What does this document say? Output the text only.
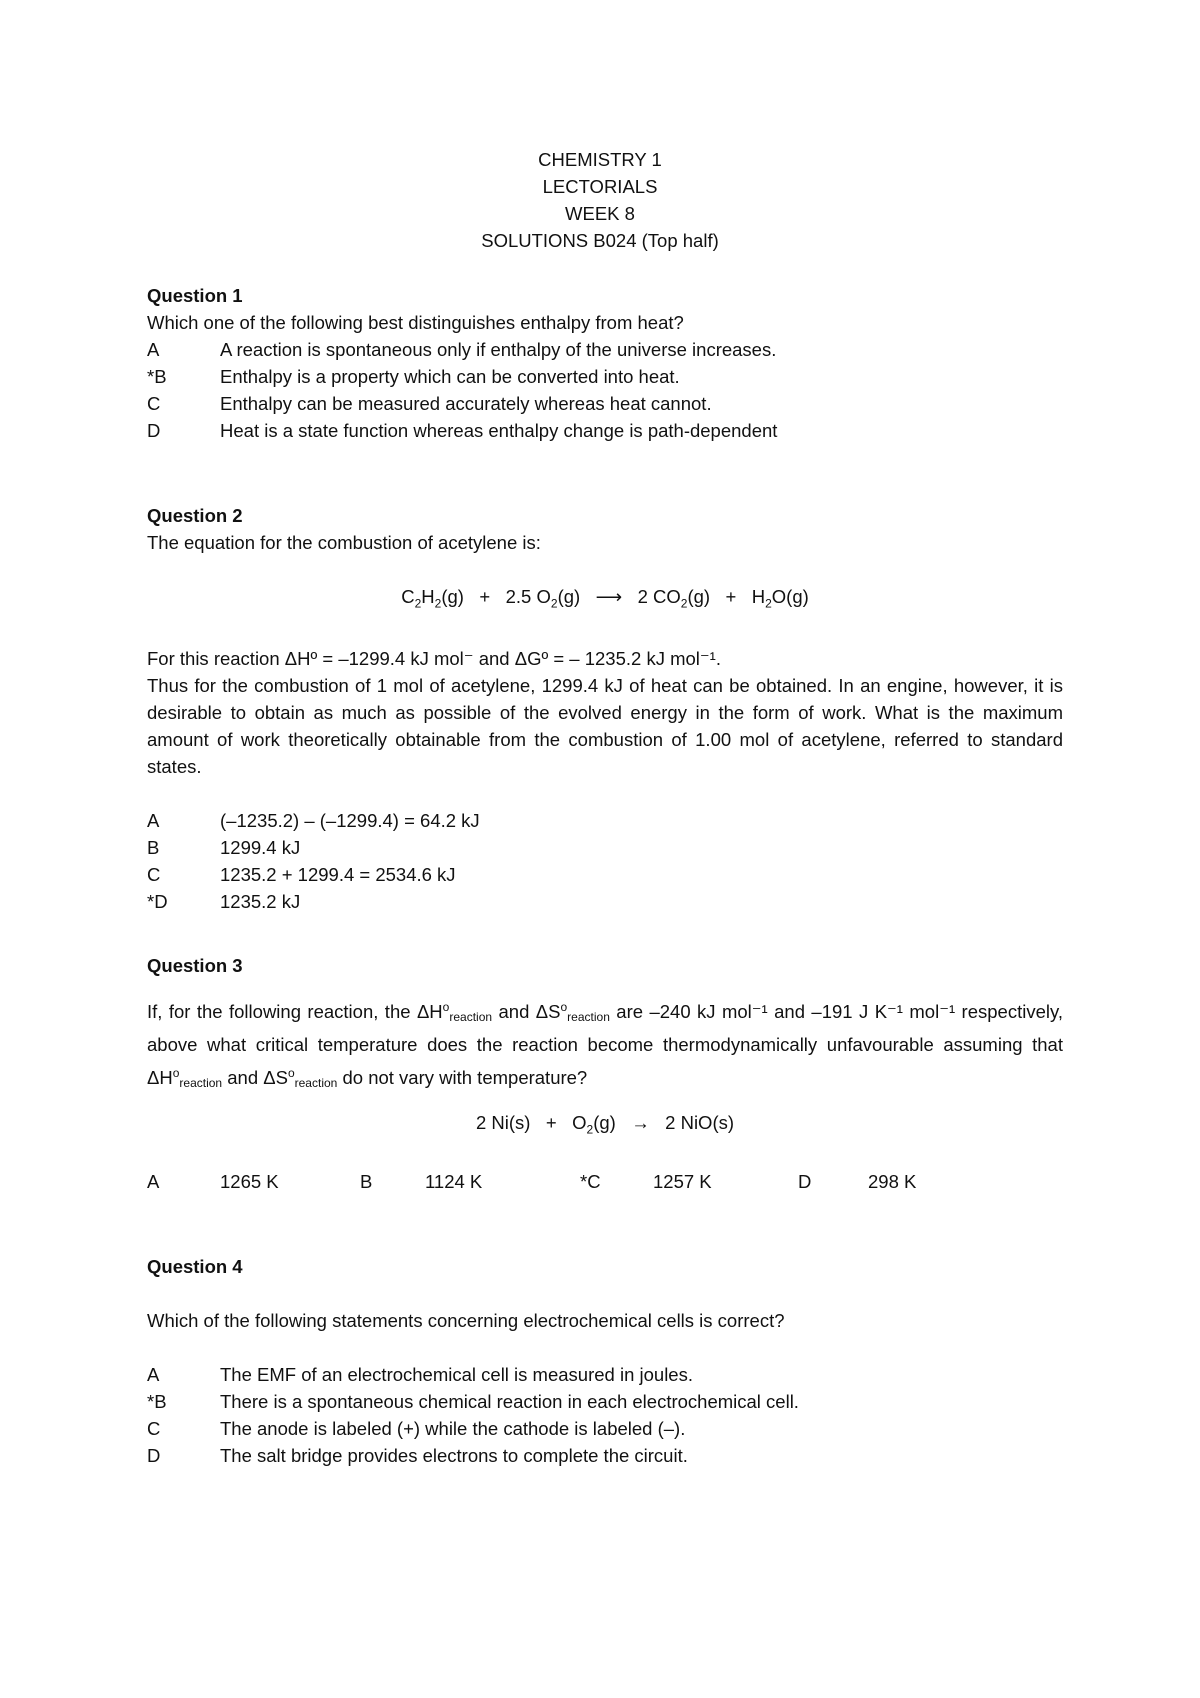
CHEMISTRY 1
LECTORIALS
WEEK 8
SOLUTIONS B024 (Top half)
Question 1
Which one of the following best distinguishes enthalpy from heat?
A	A reaction is spontaneous only if enthalpy of the universe increases.
*B	Enthalpy is a property which can be converted into heat.
C	Enthalpy can be measured accurately whereas heat cannot.
D	Heat is a state function whereas enthalpy change is path-dependent
Question 2
The equation for the combustion of acetylene is:
$C_2H_2(g) + 2.5$ $O_2(g)$ ⟶ 2 $CO_2(g) + H_2O(g)$
For this reaction ΔHº = –1299.4 kJ mol⁻ and ΔGº = – 1235.2 kJ mol⁻¹.
Thus for the combustion of 1 mol of acetylene, 1299.4 kJ of heat can be obtained. In an engine, however, it is desirable to obtain as much as possible of the evolved energy in the form of work. What is the maximum amount of work theoretically obtainable from the combustion of 1.00 mol of acetylene, referred to standard states.
A	(–1235.2) – (–1299.4) = 64.2 kJ
B	1299.4 kJ
C	1235.2 + 1299.4 = 2534.6 kJ
*D	1235.2 kJ
Question 3
If, for the following reaction, the $\Delta H^oreaction$ and $\Delta S^oreaction$ are –240 kJ mol⁻¹ and –191 J K⁻¹ mol⁻¹ respectively, above what critical temperature does the reaction become thermodynamically unfavourable assuming that $\Delta H^oreaction$ and $\Delta S^oreaction$ do not vary with temperature?
2 $Ni(s) + O_2(g) \to 2$ NiO(s)
A	1265 K	B	1124 K	*C	1257 K	D	298 K
Question 4
Which of the following statements concerning electrochemical cells is correct?
A	The EMF of an electrochemical cell is measured in joules.
*B	There is a spontaneous chemical reaction in each electrochemical cell.
C	The anode is labeled (+) while the cathode is labeled (–).
D	The salt bridge provides electrons to complete the circuit.
